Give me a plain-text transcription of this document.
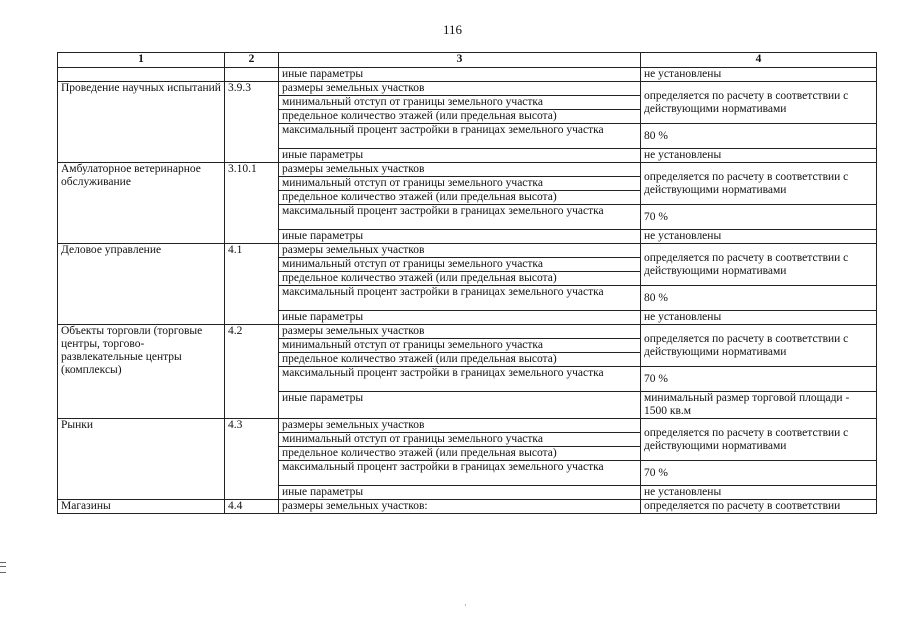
116
1	2	3	4
		иные параметры	не установлены
Проведение научных испытаний	3.9.3	размеры земельных участков	определяется по расчету в соответствии с действующими нормативами
		минимальный отступ от границы земельного участка	
		предельное количество этажей (или предельная высота)	
		максимальный процент застройки в границах земельного участка	80 %
		иные параметры	не установлены
Амбулаторное ветеринарное обслуживание	3.10.1	размеры земельных участков	определяется по расчету в соответствии с действующими нормативами
		минимальный отступ от границы земельного участка	
		предельное количество этажей (или предельная высота)	
		максимальный процент застройки в границах земельного участка	70 %
		иные параметры	не установлены
Деловое управление	4.1	размеры земельных участков	определяется по расчету в соответствии с действующими нормативами
		минимальный отступ от границы земельного участка	
		предельное количество этажей (или предельная высота)	
		максимальный процент застройки в границах земельного участка	80 %
		иные параметры	не установлены
Объекты торговли (торговые центры, торгово-развлекательные центры (комплексы)	4.2	размеры земельных участков	определяется по расчету в соответствии с действующими нормативами
		минимальный отступ от границы земельного участка	
		предельное количество этажей (или предельная высота)	
		максимальный процент застройки в границах земельного участка	70 %
		иные параметры	минимальный размер торговой площади - 1500 кв.м
Рынки	4.3	размеры земельных участков	определяется по расчету в соответствии с действующими нормативами
		минимальный отступ от границы земельного участка	
		предельное количество этажей (или предельная высота)	
		максимальный процент застройки в границах земельного участка	70 %
		иные параметры	не установлены
Магазины	4.4	размеры земельных участков:	определяется по расчету в соответствии
·
